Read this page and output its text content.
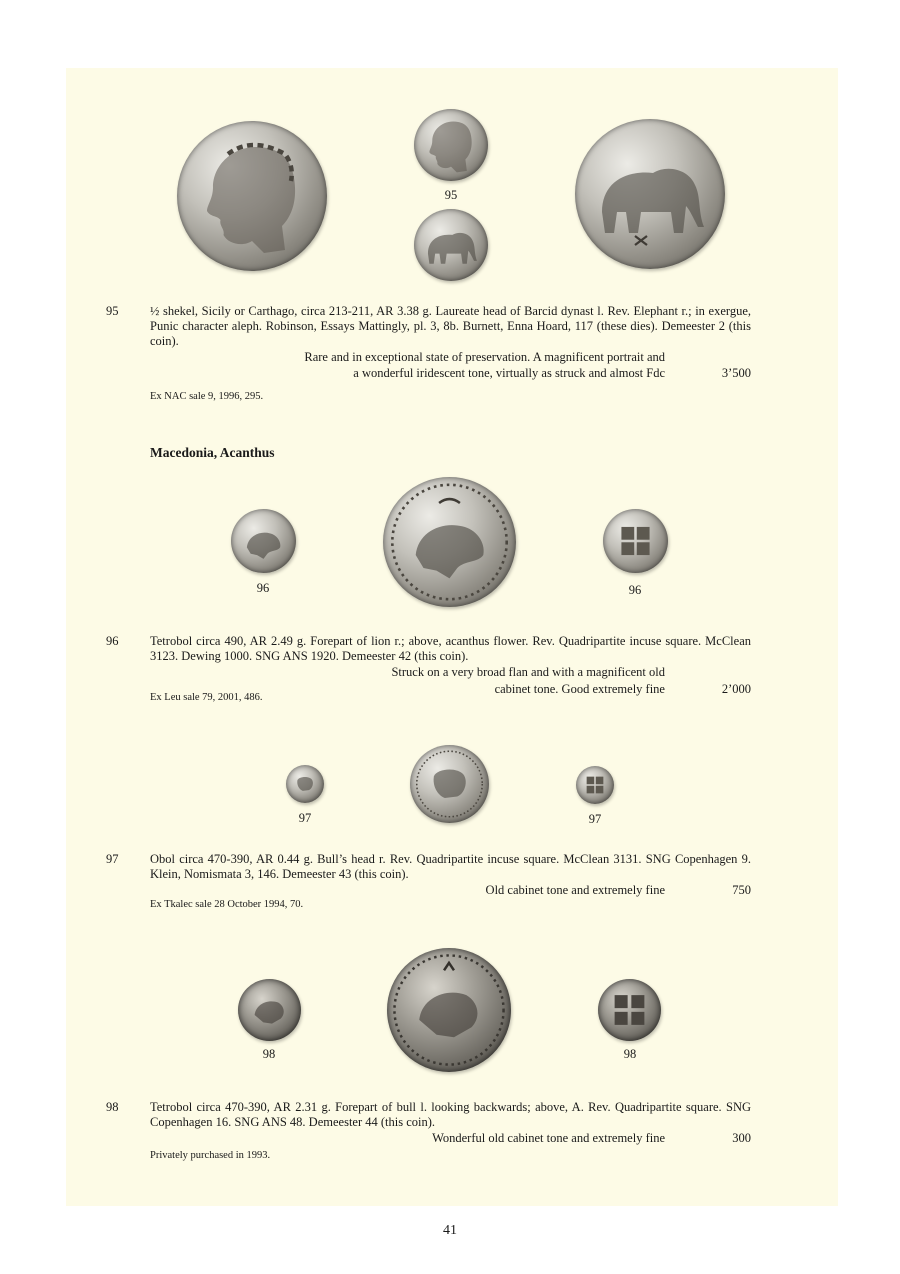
95
95	½ shekel, Sicily or Carthago, circa 213-211, AR 3.38 g. Laureate head of Barcid dynast l. Rev. Elephant r.; in exergue, Punic character aleph. Robinson, Essays Mattingly, pl. 3, 8b. Burnett, Enna Hoard, 117 (these dies). Demeester 2 (this coin).
Rare and in exceptional state of preservation. A magnificent portrait and
a wonderful iridescent tone, virtually as struck and almost Fdc	3’500
Ex NAC sale 9, 1996, 295.
Macedonia, Acanthus
96	96
96	Tetrobol circa 490, AR 2.49 g. Forepart of lion r.; above, acanthus flower. Rev. Quadripartite incuse square. McClean 3123. Dewing 1000. SNG ANS 1920. Demeester 42 (this coin).
Struck on a very broad flan and with a magnificent old
cabinet tone. Good extremely fine	2’000
Ex Leu sale 79, 2001, 486.
97	97
97	Obol circa 470-390, AR 0.44 g. Bull’s head r. Rev. Quadripartite incuse square. McClean 3131. SNG Copenhagen 9. Klein, Nomismata 3, 146. Demeester 43 (this coin).
Old cabinet tone and extremely fine	750
Ex Tkalec sale 28 October 1994, 70.
98	98
98	Tetrobol circa 470-390, AR 2.31 g. Forepart of bull l. looking backwards; above, A. Rev. Quadripartite square. SNG Copenhagen 16. SNG ANS 48. Demeester 44 (this coin).
Wonderful old cabinet tone and extremely fine	300
Privately purchased in 1993.
41
